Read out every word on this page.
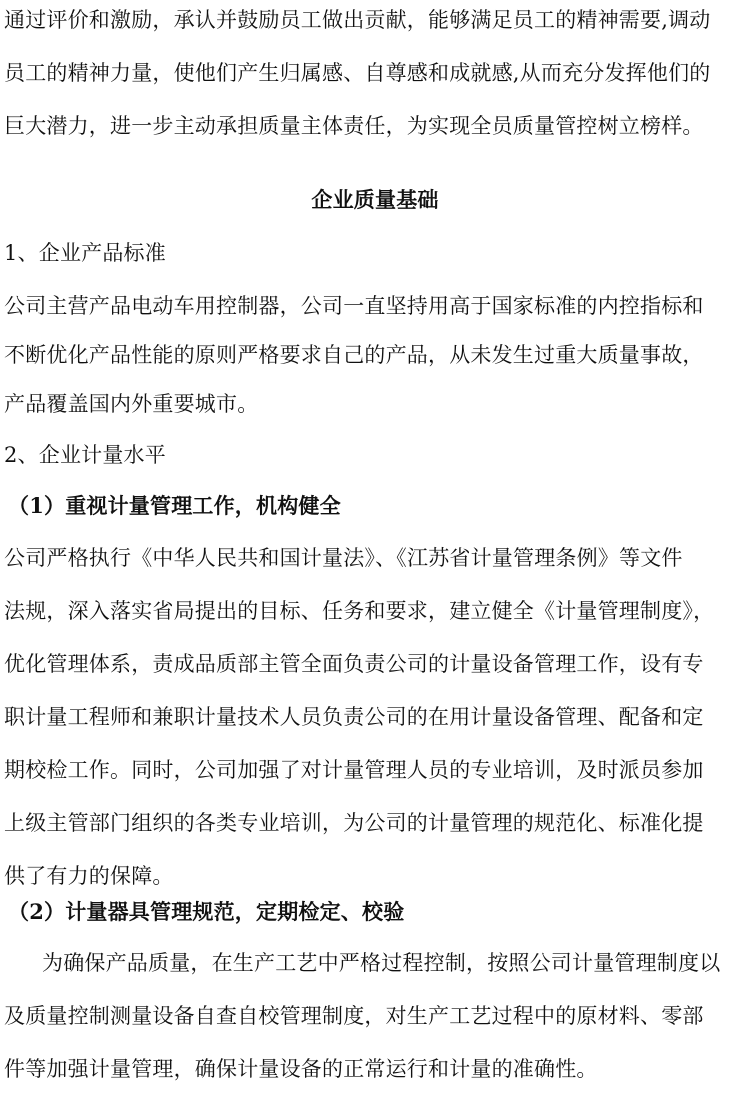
通过评价和激励，承认并鼓励员工做出贡献，能够满足员工的精神需要,调动
员工的精神力量，使他们产生归属感、自尊感和成就感,从而充分发挥他们的
巨大潜力，进一步主动承担质量主体责任，为实现全员质量管控树立榜样。
企业质量基础
1、企业产品标准
公司主营产品电动车用控制器，公司一直坚持用高于国家标准的内控指标和
不断优化产品性能的原则严格要求自己的产品，从未发生过重大质量事故，
产品覆盖国内外重要城市。
2、企业计量水平
（1）重视计量管理工作，机构健全
公司严格执行《中华人民共和国计量法》、《江苏省计量管理条例》等文件
法规，深入落实省局提出的目标、任务和要求，建立健全《计量管理制度》，
优化管理体系，责成品质部主管全面负责公司的计量设备管理工作，设有专
职计量工程师和兼职计量技术人员负责公司的在用计量设备管理、配备和定
期校检工作。同时，公司加强了对计量管理人员的专业培训，及时派员参加
上级主管部门组织的各类专业培训，为公司的计量管理的规范化、标准化提
供了有力的保障。
（2）计量器具管理规范，定期检定、校验
为确保产品质量，在生产工艺中严格过程控制，按照公司计量管理制度以
及质量控制测量设备自查自校管理制度，对生产工艺过程中的原材料、零部
件等加强计量管理，确保计量设备的正常运行和计量的准确性。
